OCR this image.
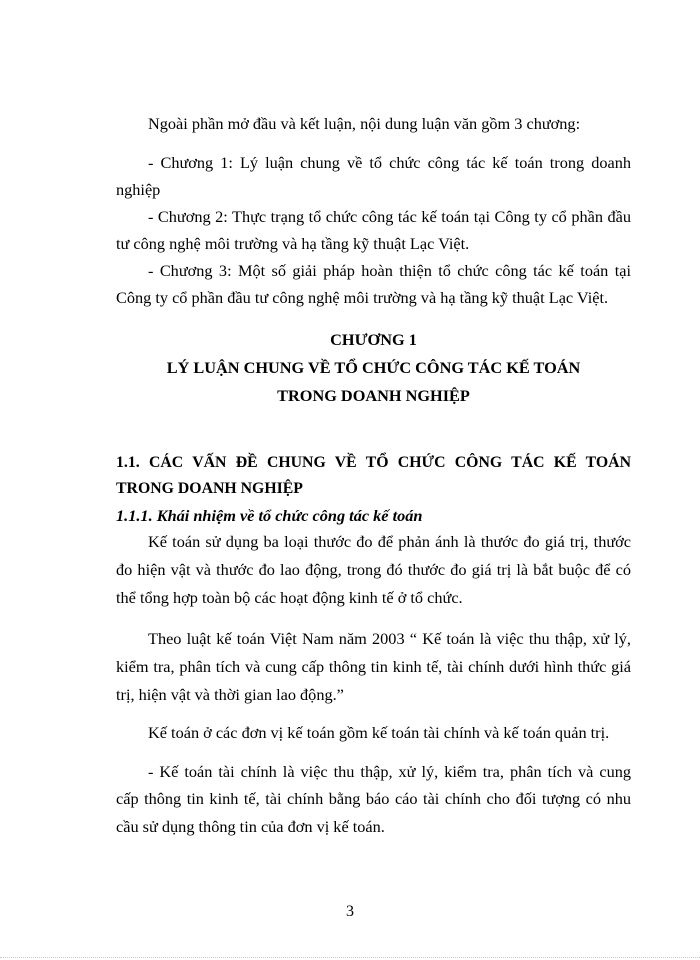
Ngoài phần mở đầu và kết luận, nội dung luận văn gồm 3 chương:
- Chương 1: Lý luận chung về tổ chức công tác kế toán trong doanh
nghiệp
- Chương 2: Thực trạng tổ chức công tác kế toán tại Công ty cổ phần đầu
tư công nghệ môi trường và hạ tầng kỹ thuật Lạc Việt.
- Chương 3: Một số giải pháp hoàn thiện tổ chức công tác kế toán tại
Công ty cổ phần đầu tư công nghệ môi trường và hạ tầng kỹ thuật Lạc Việt.
CHƯƠNG 1
LÝ LUẬN CHUNG VỀ TỔ CHỨC CÔNG TÁC KẾ TOÁN
TRONG DOANH NGHIỆP
1.1. CÁC VẤN ĐỀ CHUNG VỀ TỔ CHỨC CÔNG TÁC KẾ TOÁN
TRONG DOANH NGHIỆP
1.1.1. Khái nhiệm về tổ chức công tác kế toán
Kế toán sử dụng ba loại thước đo để phản ánh là thước đo giá trị, thước
đo hiện vật và thước đo lao động, trong đó thước đo giá trị là bắt buộc để có
thể tổng hợp toàn bộ các hoạt động kinh tế ở tổ chức.
Theo luật kế toán Việt Nam năm 2003 “ Kế toán là việc thu thập, xử lý,
kiểm tra, phân tích và cung cấp thông tin kinh tế, tài chính dưới hình thức giá
trị, hiện vật và thời gian lao động.”
Kế toán ở các đơn vị kế toán gồm kế toán tài chính và kế toán quản trị.
- Kế toán tài chính là việc thu thập, xử lý, kiểm tra, phân tích và cung
cấp thông tin kinh tế, tài chính bằng báo cáo tài chính cho đối tượng có nhu
cầu sử dụng thông tin của đơn vị kế toán.
3
